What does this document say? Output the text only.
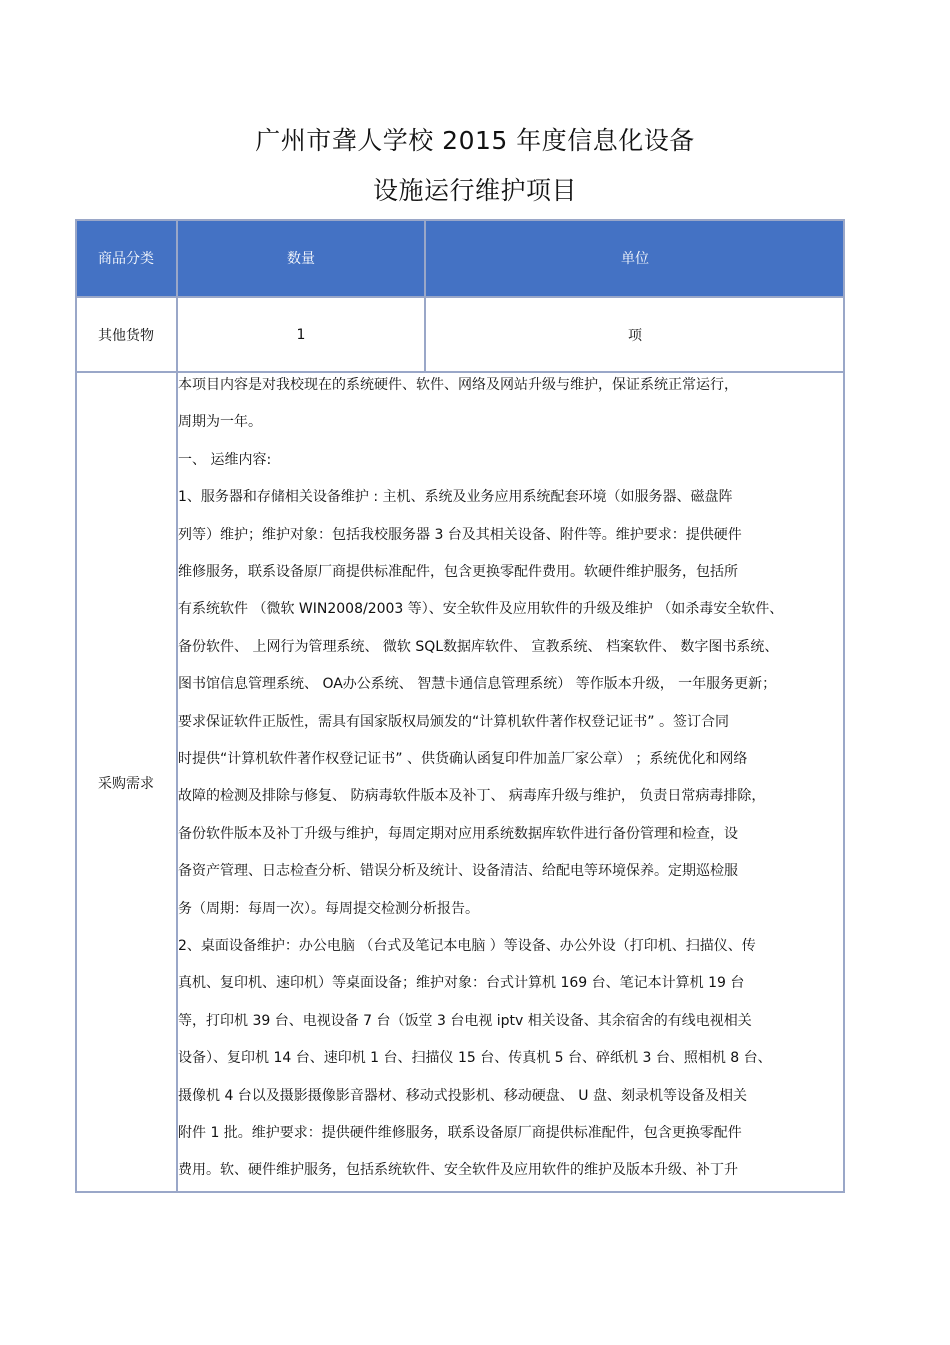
广州市聋人学校 2015 年度信息化设备
设施运行维护项目
商品分类	数量	单位
其他货物	1	项
采购需求
本项目内容是对我校现在的系统硬件、软件、网络及网站升级与维护，保证系统正常运行，
周期为一年。
一、 运维内容:
1、服务器和存储相关设备维护 : 主机、系统及业务应用系统配套环境（如服务器、磁盘阵
列等）维护；维护对象：包括我校服务器 3 台及其相关设备、附件等。维护要求：提供硬件
维修服务，联系设备原厂商提供标准配件，包含更换零配件费用。软硬件维护服务，包括所
有系统软件 （微软 WIN2008/2003 等）、安全软件及应用软件的升级及维护 （如杀毒安全软件、
备份软件、 上网行为管理系统、 微软 SQL数据库软件、 宣教系统、 档案软件、 数字图书系统、
图书馆信息管理系统、 OA办公系统、 智慧卡通信息管理系统） 等作版本升级， 一年服务更新；
要求保证软件正版性，需具有国家版权局颁发的“计算机软件著作权登记证书” 。签订合同
时提供“计算机软件著作权登记证书” 、供货确认函复印件加盖厂家公章） ；系统优化和网络
故障的检测及排除与修复、 防病毒软件版本及补丁、 病毒库升级与维护， 负责日常病毒排除，
备份软件版本及补丁升级与维护，每周定期对应用系统数据库软件进行备份管理和检查，设
备资产管理、日志检查分析、错误分析及统计、设备清洁、给配电等环境保养。定期巡检服
务（周期：每周一次）。每周提交检测分析报告。
2、桌面设备维护：办公电脑 （台式及笔记本电脑 ）等设备、办公外设（打印机、扫描仪、传
真机、复印机、速印机）等桌面设备；维护对象：台式计算机 169 台、笔记本计算机 19 台
等，打印机 39 台、电视设备 7 台（饭堂 3 台电视 iptv 相关设备、其余宿舍的有线电视相关
设备）、复印机 14 台、速印机 1 台、扫描仪 15 台、传真机 5 台、碎纸机 3 台、照相机 8 台、
摄像机 4 台以及摄影摄像影音器材、移动式投影机、移动硬盘、 U 盘、刻录机等设备及相关
附件 1 批。维护要求：提供硬件维修服务，联系设备原厂商提供标准配件，包含更换零配件
费用。软、硬件维护服务，包括系统软件、安全软件及应用软件的维护及版本升级、补丁升
